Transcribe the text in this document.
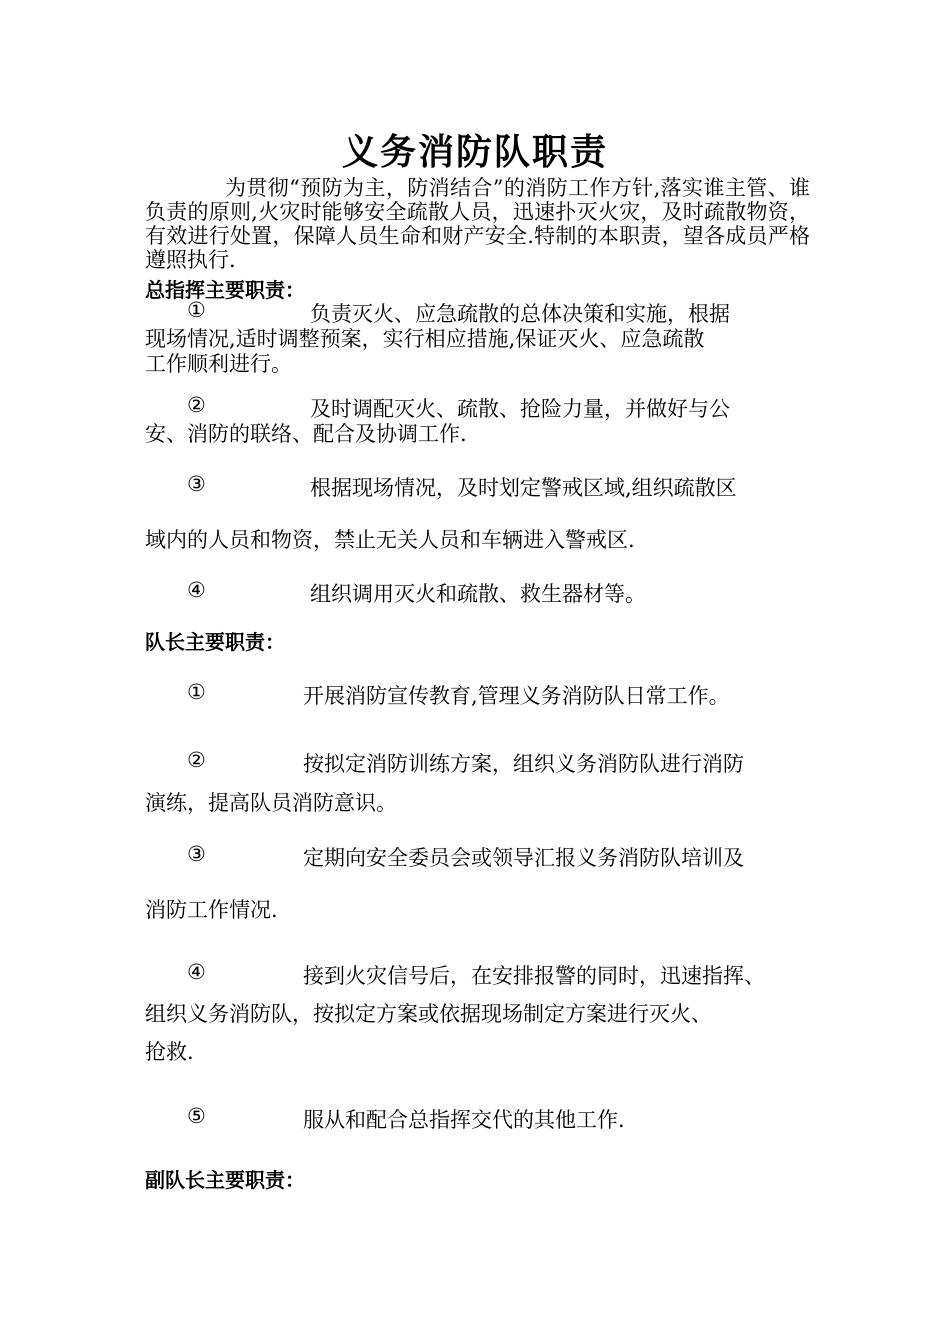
义务消防队职责
为贯彻“预防为主，防消结合”的消防工作方针,落实谁主管、谁负责的原则,火灾时能够安全疏散人员，迅速扑灭火灾，及时疏散物资，有效进行处置，保障人员生命和财产安全.特制的本职责，望各成员严格遵照执行.
总指挥主要职责：
①	负责灭火、应急疏散的总体决策和实施，根据
现场情况,适时调整预案，实行相应措施,保证灭火、应急疏散
工作顺利进行。
②	及时调配灭火、疏散、抢险力量，并做好与公
安、消防的联络、配合及协调工作.
③	根据现场情况，及时划定警戒区域,组织疏散区
域内的人员和物资，禁止无关人员和车辆进入警戒区.
④	组织调用灭火和疏散、救生器材等。
队长主要职责：
①	开展消防宣传教育,管理义务消防队日常工作。
②	按拟定消防训练方案，组织义务消防队进行消防
演练，提高队员消防意识。
③	定期向安全委员会或领导汇报义务消防队培训及
消防工作情况.
④	接到火灾信号后，在安排报警的同时，迅速指挥、
组织义务消防队，按拟定方案或依据现场制定方案进行灭火、
抢救.
⑤	服从和配合总指挥交代的其他工作.
副队长主要职责：
